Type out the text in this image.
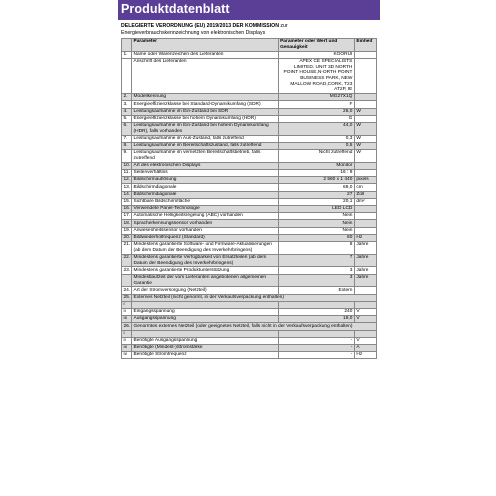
Produktdatenblatt
DELEGIERTE VERORDNUNG (EU) 2019/2013 DER KOMMISSION zur
Energieverbrauchskennzeichnung von elektronischen Displays
	Parameter	Parameter oder Wert und Genauigkeit	Einheit
1.	Name oder Warenzeichen des Lieferanten	KOORUI	
	Anschrift des Lieferanten	APEX CE SPECIALISTS LIMITED, UNIT 3D NORTH POINT HOUSE,N-ORTH POINT BUSINESS PARK, NEW MALLOW ROAD,CORK, T23 AT2P, IE	
2.	Modellkennung	MG27X1Q	
3.	Energieeffizienzklasse bei Standard-Dynamikumfang (SDR)	F	
4.	Leistungsaufnahme im Ein-Zustand bei SDR	26,0	W
5.	Energieeffizienzklasse bei hohem Dynamikumfang (HDR)	G	
6.	Leistungsaufnahme im Ein-Zustand bei hohem Dynamikumfang (HDR), falls vorhanden	44,0	W
7.	Leistungsaufnahme im Aus-Zustand, falls zutreffend	0,3	W
8.	Leistungsaufnahme im Bereitschaftszustand, falls zutreffend	0,5	W
9.	Leistungsaufnahme im vernetzten Bereitschaftsbetrieb, falls zutreffend	Nicht zutreffend	W
10.	Art des elektronischen Displays	Monitor	
11.	Seitenverhältnis	16 : 9	
12.	Bildschirmauflösung	2 560 x 1 440	pixels
13.	Bildschirmdiagonale	69,0	cm
14.	Bildschirmdiagonale	27	Zoll
15.	Sichtbare Bildschirmfläche	20,1	dm²
16.	Verwendete Panel-Technologie	LED LCD	
17.	Automatische Helligkeitsregelung (ABC) vorhanden	Nein	
18.	Spracherkennungssensor vorhanden	Nein	
19.	Anwesenheitssensor vorhanden	Nein	
20.	Bildwiederholfrequenz (Standard)	60	Hz
21.	Mindestens garantierte Software- und Firmware-Aktualisierungen (ab dem Datum der Beendigung des Inverkehrbringens)	8	Jahre
22.	Mindestens garantierte Verfügbarkeit von Ersatzteilen (ab dem Datum der Beendigung des Inverkehrbringens)	7	Jahre
23.	Mindestens garantierte Produktunterstützung	3	Jahre
	Mindestlaufzeit der vom Lieferanten angebotenen allgemeinen Garantie	3	Jahre
24.	Art der Stromversorgung (Netzteil)	Extern	
25.	Externes Netzteil (nicht genormt, in der Verkaufsverpackung enthalten)		
i			
ii	Eingangsspannung	240	V
iii	Ausgangsspannung	19,0	V
26.	Genormtes externes Netzteil (oder geeignetes Netzteil, falls nicht in der Verkaufsverpackung enthalten)		
i			
ii	Benötigte Ausgangsspannung	-	V
iii	Benötigte (Mindest-)Stromstärke	-	A
iv	Benötigte Stromfrequenz	-	Hz
